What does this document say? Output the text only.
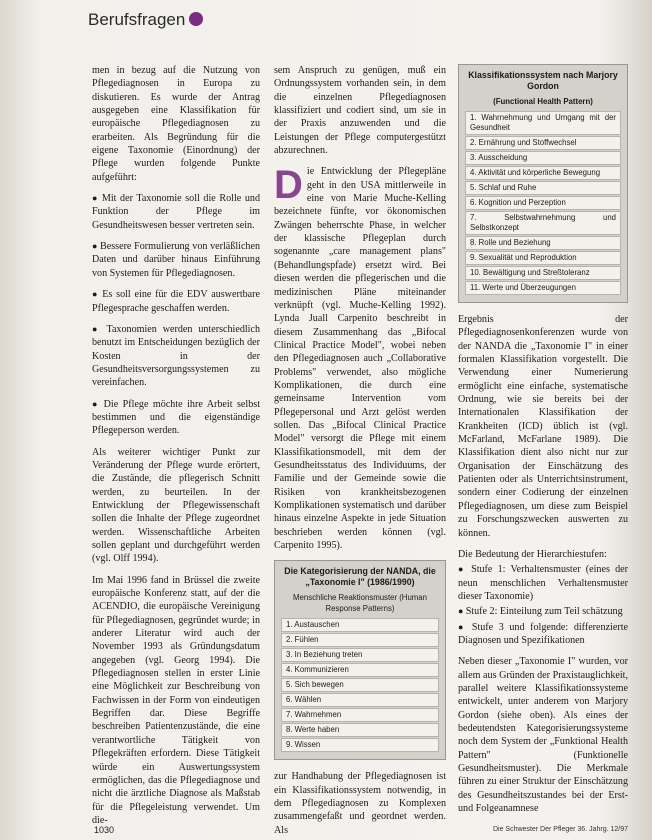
Berufsfragen

men in bezug auf die Nutzung von Pflegediagnosen in Europa zu diskutieren. Es wurde der Antrag ausgegeben eine Klassifikation für europäische Pflegediagnosen zu erarbeiten. Als Begründung für die eigene Taxonomie (Einordnung) der Pflege wurden folgende Punkte aufgeführt:

● Mit der Taxonomie soll die Rolle und Funktion der Pflege im Gesundheitswesen besser vertreten sein.

● Bessere Formulierung von verläßlichen Daten und darüber hinaus Einführung von Systemen für Pflegediagnosen.

● Es soll eine für die EDV auswertbare Pflegesprache geschaffen werden.

● Taxonomien werden unterschiedlich benutzt im Entscheidungen bezüglich der Kosten in der Gesundheitsversorgungssystemen zu vereinfachen.

● Die Pflege möchte ihre Arbeit selbst bestimmen und die eigenständige Pflegeperson werden.

Als weiterer wichtiger Punkt zur Veränderung der Pflege wurde erörtert, die Zustände, die pflegerisch Schnitt werden, zu beurteilen. In der Entwicklung der Pflegewissenschaft sollen die Inhalte der Pflege zugeordnet werden. Wissenschaftliche Arbeiten sollen geplant und durchgeführt werden (vgl. Olff 1994).

Im Mai 1996 fand in Brüssel die zweite europäische Konferenz statt, auf der die ACENDIO, die europäische Vereinigung für Pflegediagnosen, gegründet wurde; in anderer Literatur wird auch der November 1993 als Gründungsdatum angegeben (vgl. Georg 1994). Die Pflegediagnosen stellen in erster Linie eine Möglichkeit zur Beschreibung von Fachwissen in der Form von eindeutigen Begriffen dar. Diese Begriffe beschreiben Patientenzustände, die eine verantwortliche Tätigkeit von Pflegekräften erfordern. Diese Tätigkeit würde ein Auswertungssystem ermöglichen, das die Pflegediagnose und nicht die ärztliche Diagnose als Maßstab für die Pflegeleistung verwendet. Um die-

sem Anspruch zu genügen, muß ein Ordnungssystem vorhanden sein, in dem die einzelnen Pflegediagnosen klassifiziert und codiert sind, um sie in der Praxis anzuwenden und die Leistungen der Pflege computergestützt abzurechnen.

Die Entwicklung der Pflegepläne geht in den USA mittlerweile in eine von Marie Muche-Kelling bezeichnete fünfte, vor ökonomischen Zwängen beherrschte Phase, in welcher der klassische Pflegeplan durch sogenannte „care management plans" (Behandlungspfade) ersetzt wird. Bei diesen werden die pflegerischen und die medizinischen Pläne miteinander verknüpft (vgl. Muche-Kelling 1992). Lynda Juall Carpenito beschreibt in diesem Zusammenhang das „Bifocal Clinical Practice Model", wobei neben den Pflegediagnosen auch „Collaborative Problems" verwendet, also mögliche Komplikationen, die durch eine gemeinsame Intervention vom Pflegepersonal und Arzt gelöst werden sollen. Das „Bifocal Clinical Practice Model" versorgt die Pflege mit einem Klassifikationsmodell, mit dem der Gesundheitsstatus des Individuums, der Familie und der Gemeinde sowie die Risiken von krankheitsbezogenen Komplikationen systematisch und darüber hinaus einzelne Aspekte in jede Situation beschrieben werden können (vgl. Carpenito 1995).

Die Kategorisierung der NANDA, die „Taxonomie I" (1986/1990)
Menschliche Reaktionsmuster (Human Response Patterns)
1. Austauschen
2. Fühlen
3. In Beziehung treten
4. Kommunizieren
5. Sich bewegen
6. Wählen
7. Wahrnehmen
8. Werte haben
9. Wissen

zur Handhabung der Pflegediagnosen ist ein Klassifikationssystem notwendig, in dem Pflegediagnosen zu Komplexen zusammengefaßt und geordnet werden. Als

Klassifikationssystem nach Marjory Gordon
(Functional Health Pattern)
1. Wahrnehmung und Umgang mit der Gesundheit
2. Ernährung und Stoffwechsel
3. Ausscheidung
4. Aktivität und körperliche Bewegung
5. Schlaf und Ruhe
6. Kognition und Perzeption
7. Selbstwahrnehmung und Selbstkonzept
8. Rolle und Beziehung
9. Sexualität und Reproduktion
10. Bewältigung und Streßtoleranz
11. Werte und Überzeugungen

Ergebnis der Pflegediagnosenkonferenzen wurde von der NANDA die „Taxonomie I" in einer formalen Klassifikation vorgestellt. Die Verwendung einer Numerierung ermöglicht eine einfache, systematische Ordnung, wie sie bereits bei der Internationalen Klassifikation der Krankheiten (ICD) üblich ist (vgl. McFarland, McFarlane 1989). Die Klassifikation dient also nicht nur zur Organisation der Einschätzung des Patienten oder als Unterrichtsinstrument, sondern einer Codierung der einzelnen Pflegediagnosen, um diese zum Beispiel zu Forschungszwecken auswerten zu können.

Die Bedeutung der Hierarchiestufen:

● Stufe 1: Verhaltensmuster (eines der neun menschlichen Verhaltensmuster dieser Taxonomie)

● Stufe 2: Einteilung zum Teil schätzung

● Stufe 3 und folgende: differenzierte Diagnosen und Spezifikationen

Neben dieser „Taxonomie I" wurden, vor allem aus Gründen der Praxistauglichkeit, parallel weitere Klassifikationssysteme entwickelt, unter anderem von Marjory Gordon (siehe oben). Als eines der bedeutendsten Kategorisierungssysteme noch dem System der „Funktional Health Pattern" (Funktionelle Gesundheitsmuster). Die Merkmale führen zu einer Struktur der Einschätzung des Gesundheitszustandes bei der Erst- und Folgeanamnese

1030	Die Schwester Der Pfleger 36. Jahrg. 12/97
